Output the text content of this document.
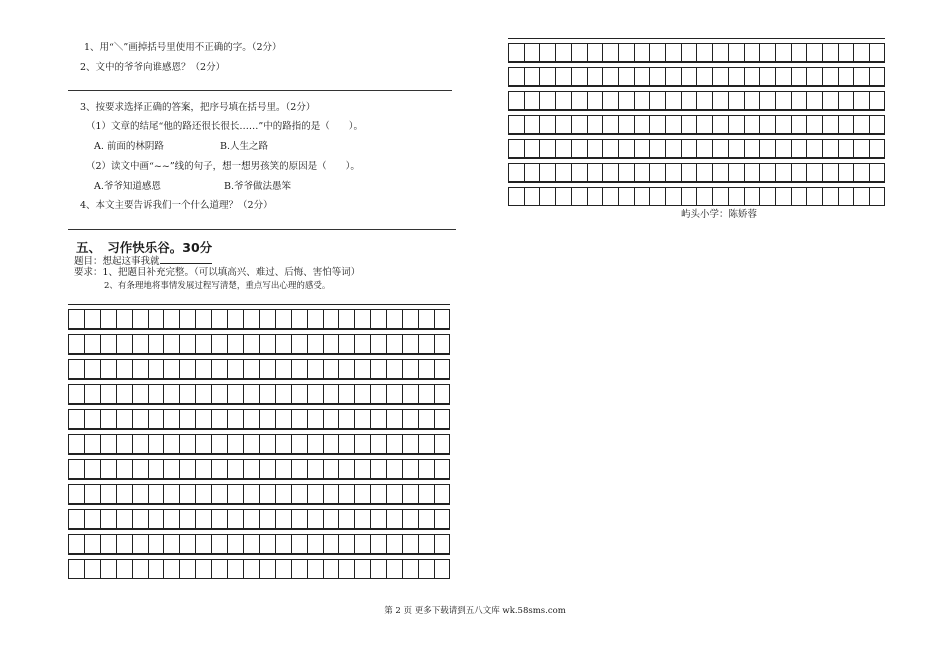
1、用“＼”画掉括号里使用不正确的字。（2分）
2、文中的爷爷向谁感恩？（2分）
3、按要求选择正确的答案，把序号填在括号里。（2分）
（1）文章的结尾“他的路还很长很长……”中的路指的是（　　）。
A. 前面的林阴路	B.人生之路
（2）读文中画“~~”线的句子，想一想男孩笑的原因是（　　）。
A.爷爷知道感恩	B.爷爷做法愚笨
4、本文主要告诉我们一个什么道理？（2分）
五、　习作快乐谷。30分
题目：想起这事我就
要求：1、把题目补充完整。（可以填高兴、难过、后悔、害怕等词）
2、有条理地将事情发展过程写清楚，重点写出心理的感受。
屿头小学：陈娇蓉
第 2 页 更多下载请到五八文库 wk.58sms.com
